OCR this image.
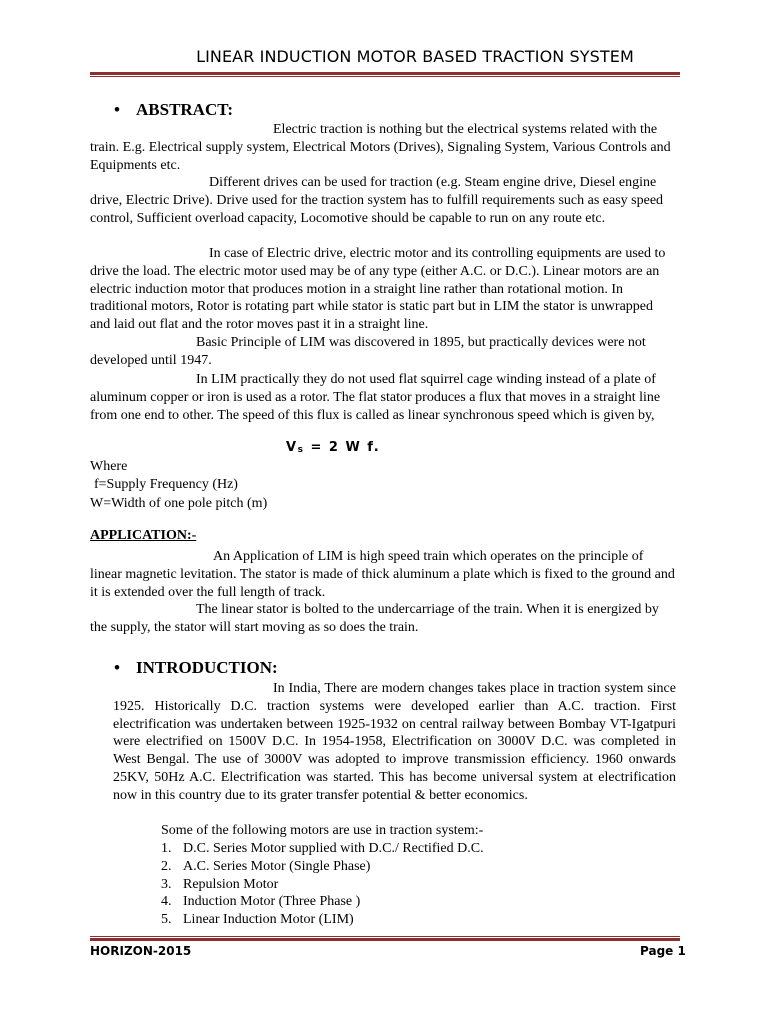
LINEAR INDUCTION MOTOR BASED TRACTION SYSTEM
• ABSTRACT:
Electric traction is nothing but the electrical systems related with the train. E.g. Electrical supply system, Electrical Motors (Drives), Signaling System, Various Controls and Equipments etc.
Different drives can be used for traction (e.g. Steam engine drive, Diesel engine drive, Electric Drive). Drive used for the traction system has to fulfill requirements such as easy speed control, Sufficient overload capacity, Locomotive should be capable to run on any route etc.
In case of Electric drive, electric motor and its controlling equipments are used to drive the load. The electric motor used may be of any type (either A.C. or D.C.). Linear motors are an electric induction motor that produces motion in a straight line rather than rotational motion. In traditional motors, Rotor is rotating part while stator is static part but in LIM the stator is unwrapped and laid out flat and the rotor moves past it in a straight line.
Basic Principle of LIM was discovered in 1895, but practically devices were not developed until 1947.
In LIM practically they do not used flat squirrel cage winding instead of a plate of aluminum copper or iron is used as a rotor. The flat stator produces a flux that moves in a straight line from one end to other. The speed of this flux is called as linear synchronous speed which is given by,
Vs = 2 W f.
Where
f=Supply Frequency (Hz)
W=Width of one pole pitch (m)
APPLICATION:-
An Application of LIM is high speed train which operates on the principle of linear magnetic levitation. The stator is made of thick aluminum a plate which is fixed to the ground and it is extended over the full length of track.
The linear stator is bolted to the undercarriage of the train. When it is energized by the supply, the stator will start moving as so does the train.
• INTRODUCTION:
In India, There are modern changes takes place in traction system since 1925. Historically D.C. traction systems were developed earlier than A.C. traction. First electrification was undertaken between 1925-1932 on central railway between Bombay VT-Igatpuri were electrified on 1500V D.C. In 1954-1958, Electrification on 3000V D.C. was completed in West Bengal. The use of 3000V was adopted to improve transmission efficiency. 1960 onwards 25KV, 50Hz A.C. Electrification was started. This has become universal system at electrification now in this country due to its grater transfer potential & better economics.
Some of the following motors are use in traction system:-
1. D.C. Series Motor supplied with D.C./ Rectified D.C.
2. A.C. Series Motor (Single Phase)
3. Repulsion Motor
4. Induction Motor (Three Phase )
5. Linear Induction Motor (LIM)
HORIZON-2015	Page 1
